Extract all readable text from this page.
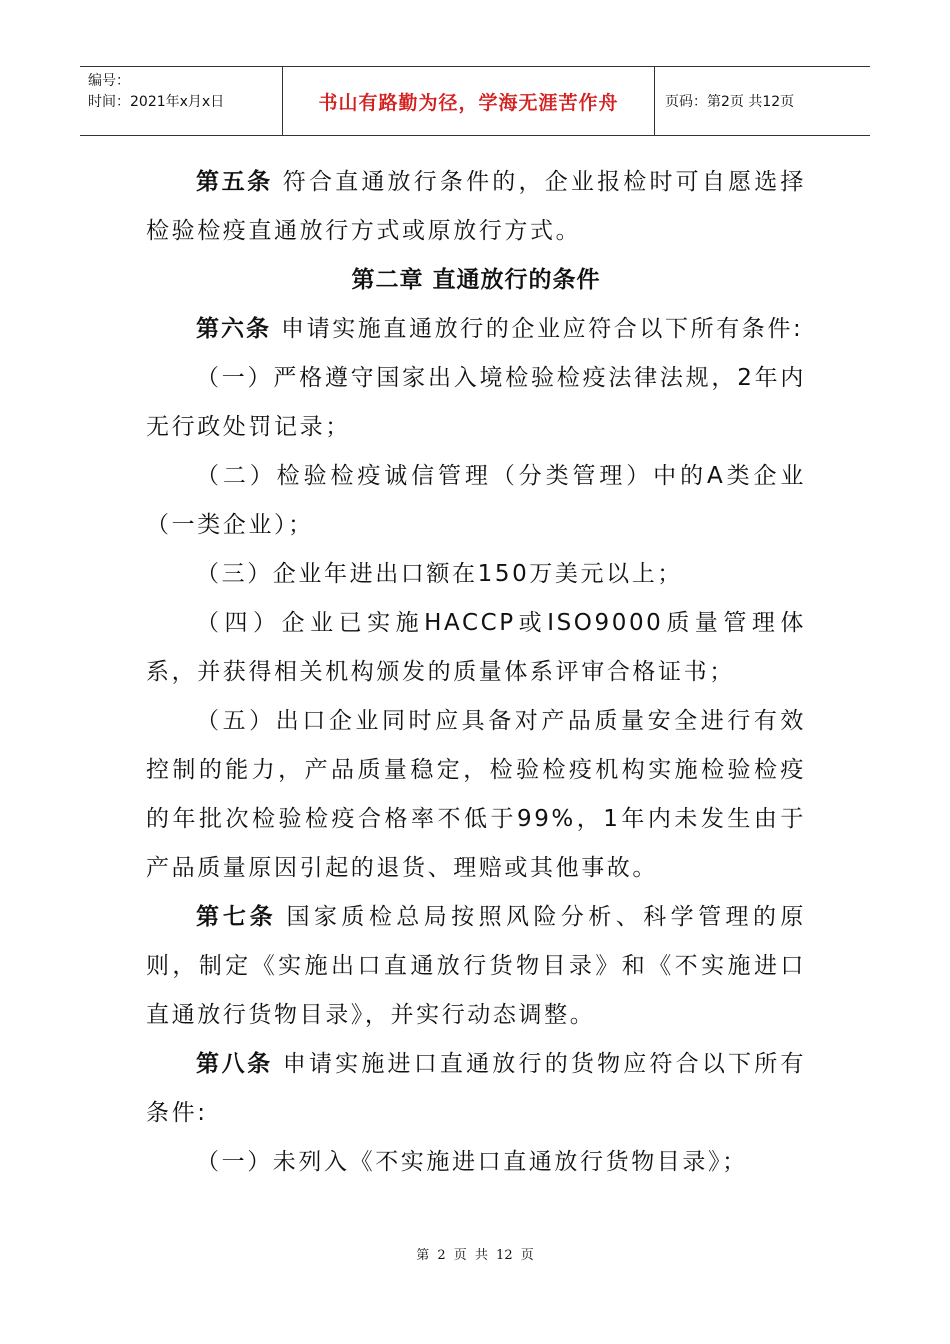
编号：
时间：2021年x月x日	书山有路勤为径，学海无涯苦作舟	页码：第2页 共12页

第五条 符合直通放行条件的，企业报检时可自愿选择检验检疫直通放行方式或原放行方式。

第二章 直通放行的条件

第六条 申请实施直通放行的企业应符合以下所有条件:

（一）严格遵守国家出入境检验检疫法律法规，2年内无行政处罚记录；

（二）检验检疫诚信管理（分类管理）中的A类企业（一类企业）；

（三）企业年进出口额在150万美元以上；

（四）企业已实施HACCP或ISO9000质量管理体系，并获得相关机构颁发的质量体系评审合格证书；

（五）出口企业同时应具备对产品质量安全进行有效控制的能力，产品质量稳定，检验检疫机构实施检验检疫的年批次检验检疫合格率不低于99%，1年内未发生由于产品质量原因引起的退货、理赔或其他事故。

第七条 国家质检总局按照风险分析、科学管理的原则，制定《实施出口直通放行货物目录》和《不实施进口直通放行货物目录》，并实行动态调整。

第八条 申请实施进口直通放行的货物应符合以下所有条件:

（一）未列入《不实施进口直通放行货物目录》；

第 2 页 共 12 页
